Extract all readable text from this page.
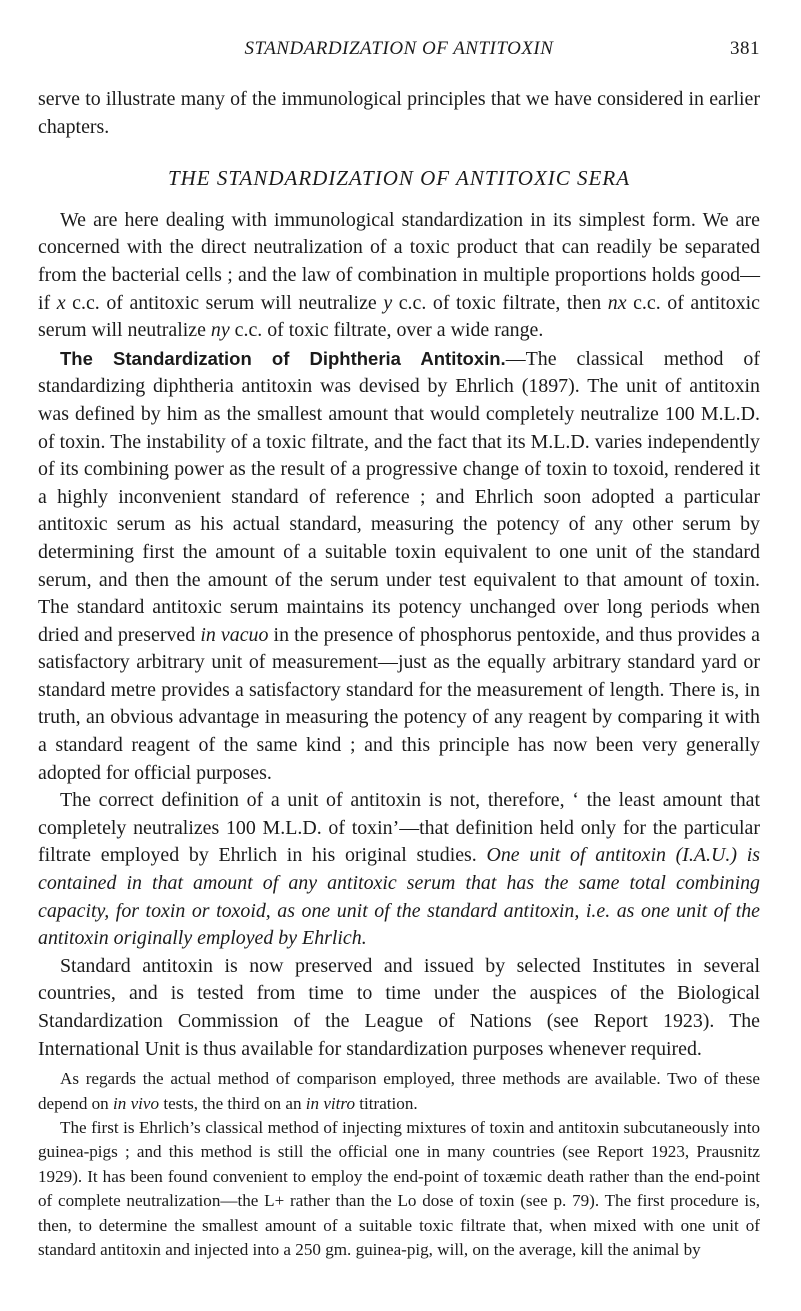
STANDARDIZATION OF ANTITOXIN	381

serve to illustrate many of the immunological principles that we have considered in earlier chapters.

THE STANDARDIZATION OF ANTITOXIC SERA

We are here dealing with immunological standardization in its simplest form. We are concerned with the direct neutralization of a toxic product that can readily be separated from the bacterial cells ; and the law of combination in multiple proportions holds good—if x c.c. of antitoxic serum will neutralize y c.c. of toxic filtrate, then nx c.c. of antitoxic serum will neutralize ny c.c. of toxic filtrate, over a wide range.

The Standardization of Diphtheria Antitoxin.—The classical method of standardizing diphtheria antitoxin was devised by Ehrlich (1897). The unit of antitoxin was defined by him as the smallest amount that would completely neutralize 100 M.L.D. of toxin. The instability of a toxic filtrate, and the fact that its M.L.D. varies independently of its combining power as the result of a progressive change of toxin to toxoid, rendered it a highly inconvenient standard of reference ; and Ehrlich soon adopted a particular antitoxic serum as his actual standard, measuring the potency of any other serum by determining first the amount of a suitable toxin equivalent to one unit of the standard serum, and then the amount of the serum under test equivalent to that amount of toxin. The standard antitoxic serum maintains its potency unchanged over long periods when dried and preserved in vacuo in the presence of phosphorus pentoxide, and thus provides a satisfactory arbitrary unit of measurement—just as the equally arbitrary standard yard or standard metre provides a satisfactory standard for the measurement of length. There is, in truth, an obvious advantage in measuring the potency of any reagent by comparing it with a standard reagent of the same kind ; and this principle has now been very generally adopted for official purposes.

The correct definition of a unit of antitoxin is not, therefore, ‘ the least amount that completely neutralizes 100 M.L.D. of toxin’—that definition held only for the particular filtrate employed by Ehrlich in his original studies. One unit of antitoxin (I.A.U.) is contained in that amount of any antitoxic serum that has the same total combining capacity, for toxin or toxoid, as one unit of the standard antitoxin, i.e. as one unit of the antitoxin originally employed by Ehrlich.

Standard antitoxin is now preserved and issued by selected Institutes in several countries, and is tested from time to time under the auspices of the Biological Standardization Commission of the League of Nations (see Report 1923). The International Unit is thus available for standardization purposes whenever required.

As regards the actual method of comparison employed, three methods are available. Two of these depend on in vivo tests, the third on an in vitro titration.

The first is Ehrlich’s classical method of injecting mixtures of toxin and antitoxin subcutaneously into guinea-pigs ; and this method is still the official one in many countries (see Report 1923, Prausnitz 1929). It has been found convenient to employ the end-point of toxæmic death rather than the end-point of complete neutralization—the L+ rather than the Lo dose of toxin (see p. 79). The first procedure is, then, to determine the smallest amount of a suitable toxic filtrate that, when mixed with one unit of standard antitoxin and injected into a 250 gm. guinea-pig, will, on the average, kill the animal by
